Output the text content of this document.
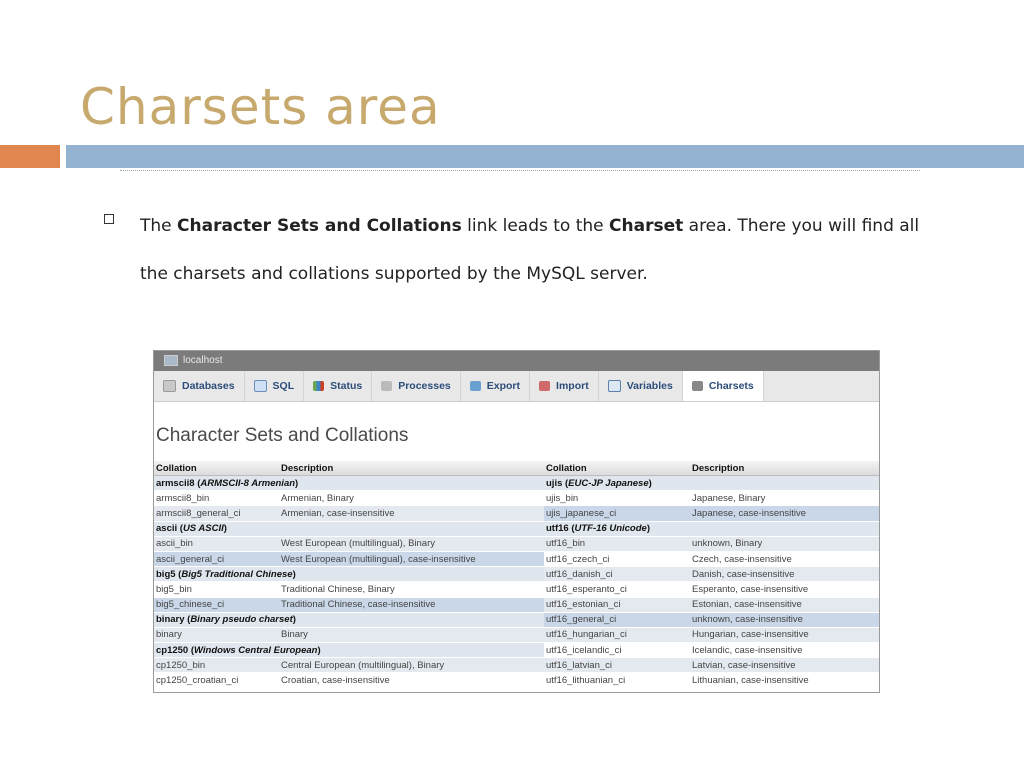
Charsets area
The Character Sets and Collations link leads to the Charset area. There you will find all the charsets and collations supported by the MySQL server.
localhost
Databases	SQL	Status	Processes	Export	Import	Variables	Charsets
Character Sets and Collations
Collation	Description	Collation	Description
armscii8 (ARMSCII-8 Armenian)		ujis (EUC-JP Japanese)	
armscii8_bin	Armenian, Binary	ujis_bin	Japanese, Binary
armscii8_general_ci	Armenian, case-insensitive	ujis_japanese_ci	Japanese, case-insensitive
ascii (US ASCII)		utf16 (UTF-16 Unicode)	
ascii_bin	West European (multilingual), Binary	utf16_bin	unknown, Binary
ascii_general_ci	West European (multilingual), case-insensitive	utf16_czech_ci	Czech, case-insensitive
big5 (Big5 Traditional Chinese)		utf16_danish_ci	Danish, case-insensitive
big5_bin	Traditional Chinese, Binary	utf16_esperanto_ci	Esperanto, case-insensitive
big5_chinese_ci	Traditional Chinese, case-insensitive	utf16_estonian_ci	Estonian, case-insensitive
binary (Binary pseudo charset)		utf16_general_ci	unknown, case-insensitive
binary	Binary	utf16_hungarian_ci	Hungarian, case-insensitive
cp1250 (Windows Central European)		utf16_icelandic_ci	Icelandic, case-insensitive
cp1250_bin	Central European (multilingual), Binary	utf16_latvian_ci	Latvian, case-insensitive
cp1250_croatian_ci	Croatian, case-insensitive	utf16_lithuanian_ci	Lithuanian, case-insensitive
